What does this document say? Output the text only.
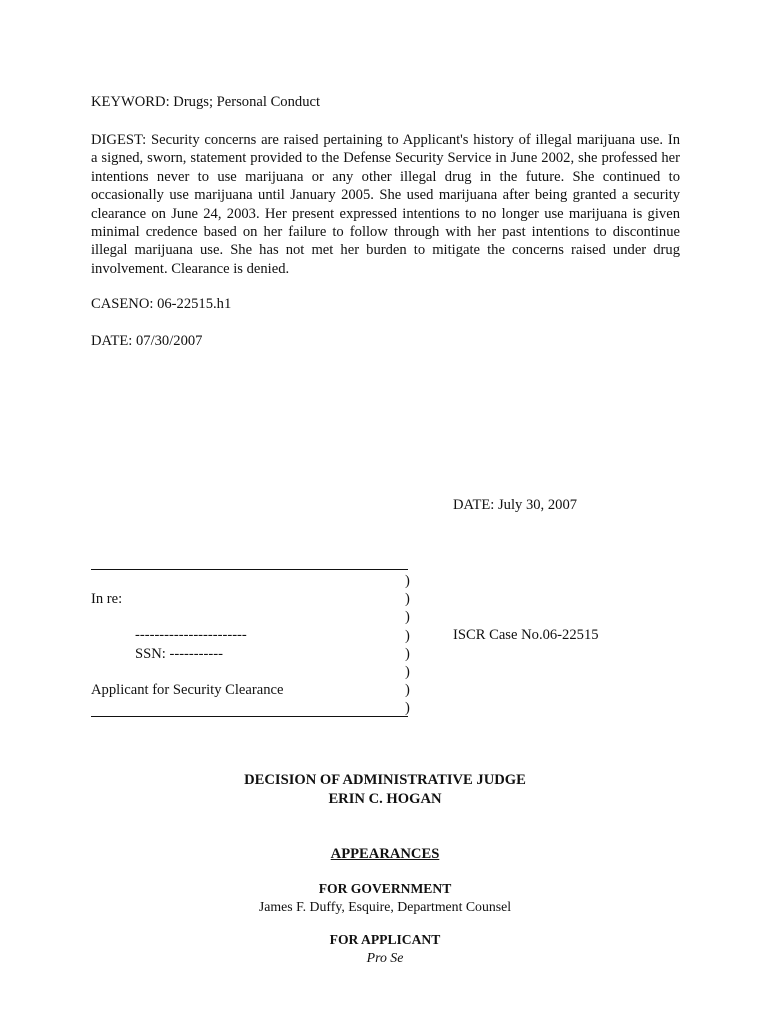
KEYWORD: Drugs; Personal Conduct
DIGEST: Security concerns are raised pertaining to Applicant's history of illegal marijuana use. In
a signed, sworn, statement provided to the Defense Security Service in June 2002, she professed her
intentions never to use marijuana or any other illegal drug in the future. She continued to
occasionally use marijuana until January 2005. She used marijuana after being granted a security
clearance on June 24, 2003. Her present expressed intentions to no longer use marijuana is given
minimal credence based on her failure to follow through with her past intentions to discontinue
illegal marijuana use. She has not met her burden to mitigate the concerns raised under drug
involvement. Clearance is denied.
CASENO: 06-22515.h1
DATE: 07/30/2007
DATE: July 30, 2007
)
)
)
)
)
)
)
)
In re:
-----------------------
SSN: -----------
Applicant for Security Clearance
ISCR Case No.06-22515
DECISION OF ADMINISTRATIVE JUDGE
ERIN C. HOGAN
APPEARANCES
FOR GOVERNMENT
James F. Duffy, Esquire, Department Counsel
FOR APPLICANT
Pro Se
